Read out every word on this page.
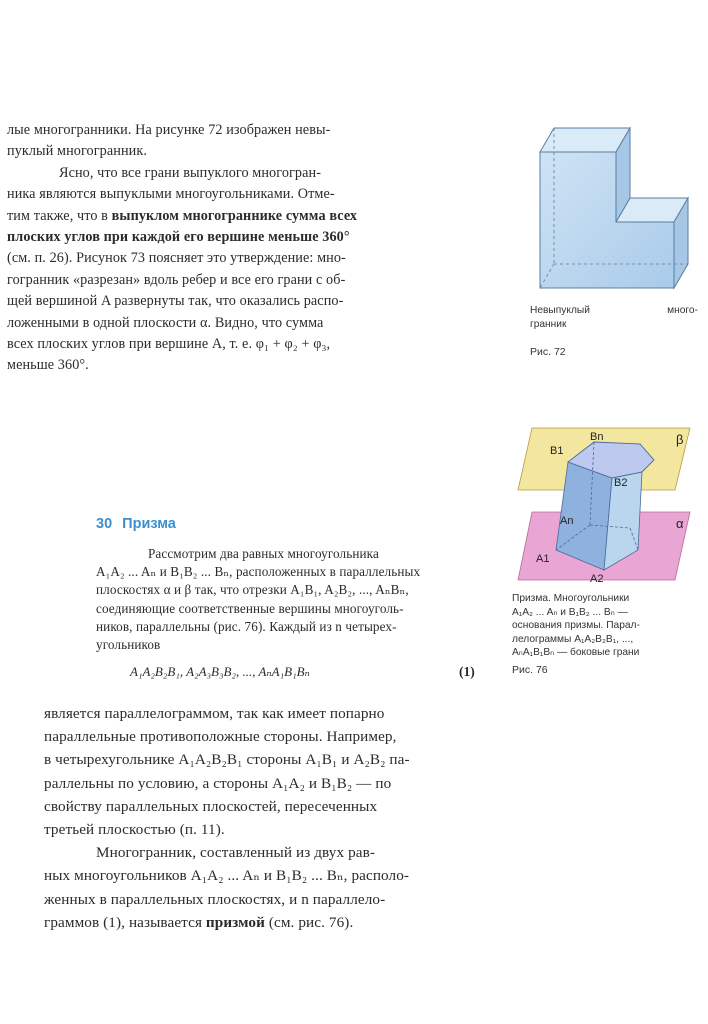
лые многогранники. На рисунке 72 изображен невы-

пуклый многогранник.

Ясно, что все грани выпуклого многогран-

ника являются выпуклыми многоугольниками. Отме-

тим также, что в выпуклом многограннике сумма всех

плоских углов при каждой его вершине меньше 360°

(см. п. 26). Рисунок 73 поясняет это утверждение: мно-

гогранник «разрезан» вдоль ребер и все его грани с об-

щей вершиной A развернуты так, что оказались распо-

ложенными в одной плоскости α. Видно, что сумма

всех плоских углов при вершине A, т. е. φ₁ + φ₂ + φ₃,

меньше 360°.

Невыпуклый	много-
гранник
Рис. 72
β
α
Bn
B1
B2
An
A1
A2
Призма. Многоугольники
A₁A₂ ... Aₙ и B₁B₂ ... Bₙ —
основания призмы. Парал-
лелограммы A₁A₂B₂B₁, ...,
AₙA₁B₁Bₙ — боковые грани
Рис. 76
30 Призма

Рассмотрим два равных многоугольника

A₁A₂ ... Aₙ и B₁B₂ ... Bₙ, расположенных в параллельных

плоскостях α и β так, что отрезки A₁B₁, A₂B₂, ..., AₙBₙ,

соединяющие соответственные вершины многоуголь-

ников, параллельны (рис. 76). Каждый из n четырех-

угольников

A₁A₂B₂B₁, A₂A₃B₃B₂, ..., AₙA₁B₁Bₙ	(1)

является параллелограммом, так как имеет попарно

параллельные противоположные стороны. Например,

в четырехугольнике A₁A₂B₂B₁ стороны A₁B₁ и A₂B₂ па-

раллельны по условию, а стороны A₁A₂ и B₁B₂ — по

свойству параллельных плоскостей, пересеченных

третьей плоскостью (п. 11).

Многогранник, составленный из двух рав-

ных многоугольников A₁A₂ ... Aₙ и B₁B₂ ... Bₙ, располо-

женных в параллельных плоскостях, и n параллело-

граммов (1), называется призмой (см. рис. 76).
